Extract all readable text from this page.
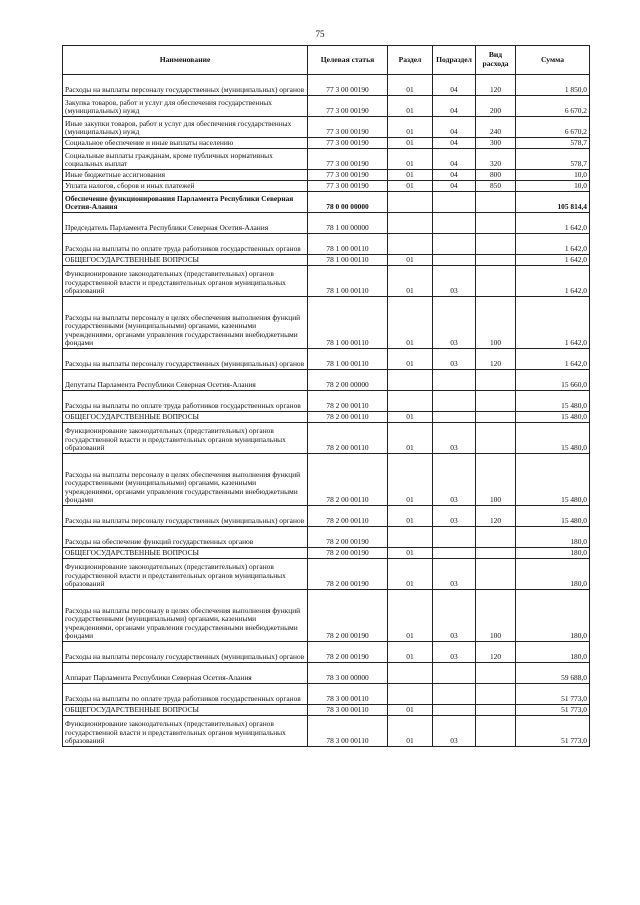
75
Наименование	Целевая статья	Раздел	Подраздел	Вид расхода	Сумма
Расходы на выплаты персоналу государственных (муниципальных) органов	77 3 00 00190	01	04	120	1 850,0
Закупка товаров, работ и услуг для обеспечения государственных (муниципальных) нужд	77 3 00 00190	01	04	200	6 670,2
Иные закупки товаров, работ и услуг для обеспечения государственных (муниципальных) нужд	77 3 00 00190	01	04	240	6 670,2
Социальное обеспечение и иные выплаты населению	77 3 00 00190	01	04	300	578,7
Социальные выплаты гражданам, кроме публичных нормативных социальных выплат	77 3 00 00190	01	04	320	578,7
Иные бюджетные ассигнования	77 3 00 00190	01	04	800	10,0
Уплата налогов, сборов и иных платежей	77 3 00 00190	01	04	850	10,0
Обеспечение функционирования Парламента Республики Северная Осетия-Алания	78 0 00 00000				105 814,4
Председатель Парламента Республики Северная Осетия-Алания	78 1 00 00000				1 642,0
Расходы на выплаты по оплате труда работников государственных органов	78 1 00 00110				1 642,0
ОБЩЕГОСУДАРСТВЕННЫЕ ВОПРОСЫ	78 1 00 00110	01			1 642,0
Функционирование законодательных (представительных) органов государственной власти и представительных органов муниципальных образований	78 1 00 00110	01	03		1 642,0
Расходы на выплаты персоналу в целях обеспечения выполнения функций государственными (муниципальными) органами, казенными учреждениями, органами управления государственными внебюджетными фондами	78 1 00 00110	01	03	100	1 642,0
Расходы на выплаты персоналу государственных (муниципальных) органов	78 1 00 00110	01	03	120	1 642,0
Депутаты Парламента Республики Северная Осетия-Алания	78 2 00 00000				15 660,0
Расходы на выплаты по оплате труда работников государственных органов	78 2 00 00110				15 480,0
ОБЩЕГОСУДАРСТВЕННЫЕ ВОПРОСЫ	78 2 00 00110	01			15 480,0
Функционирование законодательных (представительных) органов государственной власти и представительных органов муниципальных образований	78 2 00 00110	01	03		15 480,0
Расходы на выплаты персоналу в целях обеспечения выполнения функций государственными (муниципальными) органами, казенными учреждениями, органами управления государственными внебюджетными фондами	78 2 00 00110	01	03	100	15 480,0
Расходы на выплаты персоналу государственных (муниципальных) органов	78 2 00 00110	01	03	120	15 480,0
Расходы на обеспечение функций государственных органов	78 2 00 00190				180,0
ОБЩЕГОСУДАРСТВЕННЫЕ ВОПРОСЫ	78 2 00 00190	01			180,0
Функционирование законодательных (представительных) органов государственной власти и представительных органов муниципальных образований	78 2 00 00190	01	03		180,0
Расходы на выплаты персоналу в целях обеспечения выполнения функций государственными (муниципальными) органами, казенными учреждениями, органами управления государственными внебюджетными фондами	78 2 00 00190	01	03	100	180,0
Расходы на выплаты персоналу государственных (муниципальных) органов	78 2 00 00190	01	03	120	180,0
Аппарат Парламента Республики Северная Осетия-Алания	78 3 00 00000				59 688,0
Расходы на выплаты по оплате труда работников государственных органов	78 3 00 00110				51 773,0
ОБЩЕГОСУДАРСТВЕННЫЕ ВОПРОСЫ	78 3 00 00110	01			51 773,0
Функционирование законодательных (представительных) органов государственной власти и представительных органов муниципальных образований	78 3 00 00110	01	03		51 773,0
